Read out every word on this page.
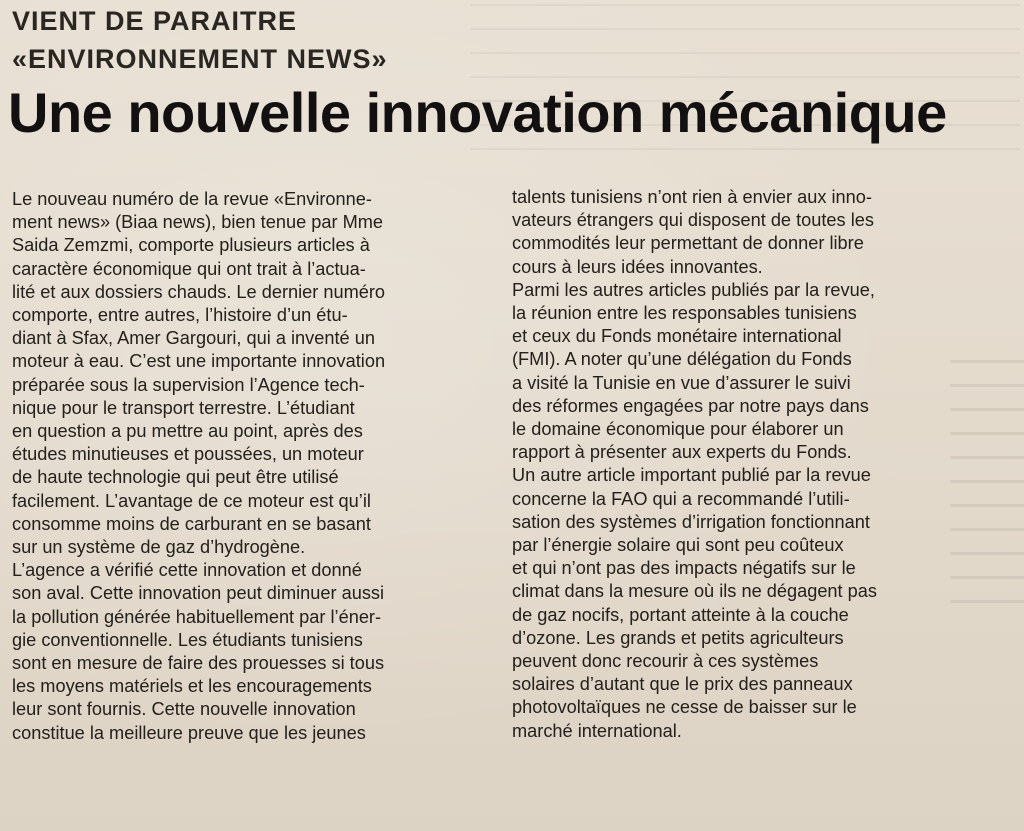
VIENT DE PARAITRE
«ENVIRONNEMENT NEWS»
Une nouvelle innovation mécanique
Le nouveau numéro de la revue «Environne-
ment news» (Biaa news), bien tenue par Mme
Saida Zemzmi, comporte plusieurs articles à
caractère économique qui ont trait à l’actua-
lité et aux dossiers chauds. Le dernier numéro
comporte, entre autres, l’histoire d’un étu-
diant à Sfax, Amer Gargouri, qui a inventé un
moteur à eau. C’est une importante innovation
préparée sous la supervision l’Agence tech-
nique pour le transport terrestre. L’étudiant
en question a pu mettre au point, après des
études minutieuses et poussées, un moteur
de haute technologie qui peut être utilisé
facilement. L’avantage de ce moteur est qu’il
consomme moins de carburant en se basant
sur un système de gaz d’hydrogène.
L’agence a vérifié cette innovation et donné
son aval. Cette innovation peut diminuer aussi
la pollution générée habituellement par l’éner-
gie conventionnelle. Les étudiants tunisiens
sont en mesure de faire des prouesses si tous
les moyens matériels et les encouragements
leur sont fournis. Cette nouvelle innovation
constitue la meilleure preuve que les jeunes
talents tunisiens n’ont rien à envier aux inno-
vateurs étrangers qui disposent de toutes les
commodités leur permettant de donner libre
cours à leurs idées innovantes.
Parmi les autres articles publiés par la revue,
la réunion entre les responsables tunisiens
et ceux du Fonds monétaire international
(FMI). A noter qu’une délégation du Fonds
a visité la Tunisie en vue d’assurer le suivi
des réformes engagées par notre pays dans
le domaine économique pour élaborer un
rapport à présenter aux experts du Fonds.
Un autre article important publié par la revue
concerne la FAO qui a recommandé l’utili-
sation des systèmes d’irrigation fonctionnant
par l’énergie solaire qui sont peu coûteux
et qui n’ont pas des impacts négatifs sur le
climat dans la mesure où ils ne dégagent pas
de gaz nocifs, portant atteinte à la couche
d’ozone. Les grands et petits agriculteurs
peuvent donc recourir à ces systèmes
solaires d’autant que le prix des panneaux
photovoltaïques ne cesse de baisser sur le
marché international.
